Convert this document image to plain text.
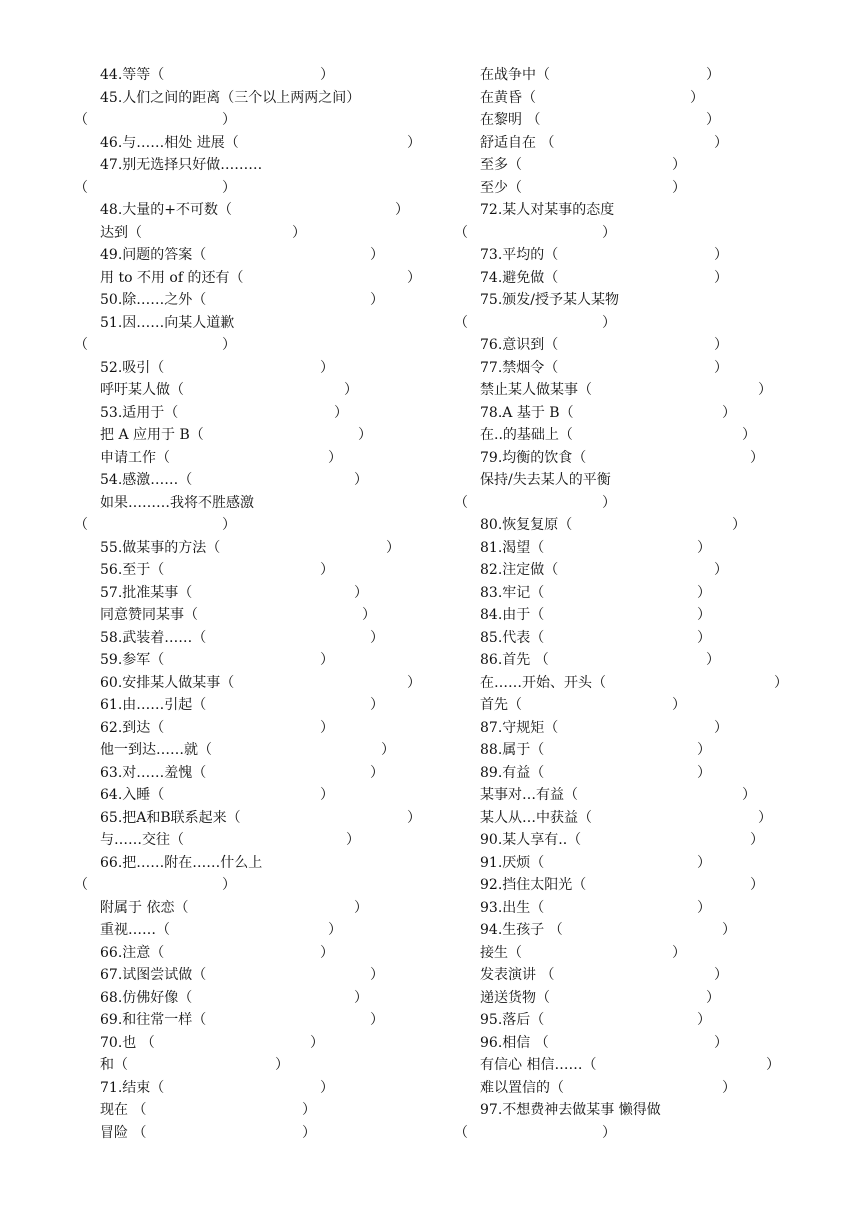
44.等等（	）
45.人们之间的距离（三个以上两两之间）
（	）
46.与……相处 进展（	）
47.别无选择只好做………
（	）
48.大量的+不可数（	）
达到（	）
49.问题的答案（	）
用 to 不用 of 的还有（	）
50.除……之外（	）
51.因……向某人道歉
（	）
52.吸引（	）
呼吁某人做（	）
53.适用于（	）
把 A 应用于 B（	）
申请工作（	）
54.感激……（	）
如果………我将不胜感激
（	）
55.做某事的方法（	）
56.至于（	）
57.批准某事（	）
同意赞同某事（	）
58.武装着……（	）
59.参军（	）
60.安排某人做某事（	）
61.由……引起（	）
62.到达（	）
他一到达……就（	）
63.对……羞愧（	）
64.入睡（	）
65.把A和B联系起来（	）
与……交往（	）
66.把……附在……什么上
（	）
附属于 依恋（	）
重视……（	）
66.注意（	）
67.试图尝试做（	）
68.仿佛好像（	）
69.和往常一样（	）
70.也 （	）
和（	）
71.结束（	）
现在 （	）
冒险 （	）
在战争中（	）
在黄昏（	）
在黎明 （	）
舒适自在 （	）
至多（	）
至少（	）
72.某人对某事的态度
（	）
73.平均的（	）
74.避免做（	）
75.颁发/授予某人某物
（	）
76.意识到（	）
77.禁烟令（	）
禁止某人做某事（	）
78.A 基于 B（	）
在..的基础上（	）
79.均衡的饮食（	）
保持/失去某人的平衡
（	）
80.恢复复原（	）
81.渴望（	）
82.注定做（	）
83.牢记（	）
84.由于（	）
85.代表（	）
86.首先 （	）
在……开始、开头（	）
首先（	）
87.守规矩（	）
88.属于（	）
89.有益（	）
某事对…有益（	）
某人从…中获益（	）
90.某人享有..（	）
91.厌烦（	）
92.挡住太阳光（	）
93.出生（	）
94.生孩子 （	）
接生（	）
发表演讲 （	）
递送货物（	）
95.落后（	）
96.相信 （	）
有信心 相信……（	）
难以置信的（	）
97.不想费神去做某事 懒得做
（	）
